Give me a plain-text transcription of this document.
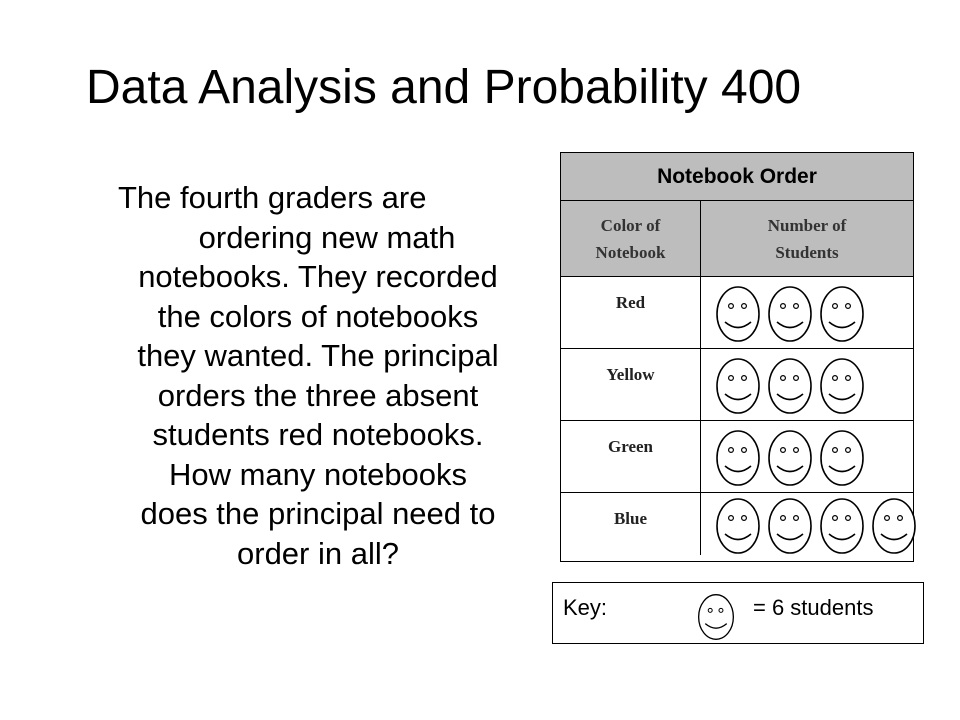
Data Analysis and Probability 400
The fourth graders are
ordering new math
notebooks. They recorded
the colors of notebooks
they wanted. The principal
orders the three absent
students red notebooks.
How many notebooks
does the principal need to
order in all?
Notebook Order
Color of
Notebook
Number of
Students
Red
Yellow
Green
Blue
Key:	= 6 students
